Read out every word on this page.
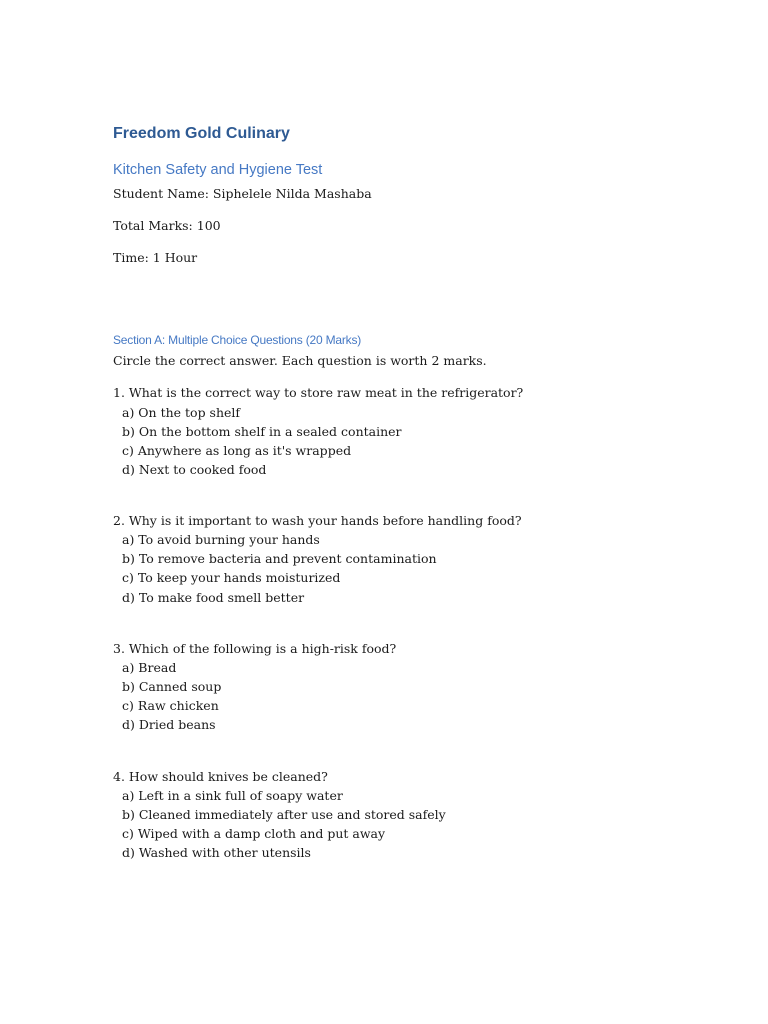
Freedom Gold Culinary
Kitchen Safety and Hygiene Test
Student Name: Siphelele Nilda Mashaba
Total Marks: 100
Time: 1 Hour
Section A: Multiple Choice Questions (20 Marks)
Circle the correct answer. Each question is worth 2 marks.
1. What is the correct way to store raw meat in the refrigerator?
a) On the top shelf
b) On the bottom shelf in a sealed container
c) Anywhere as long as it's wrapped
d) Next to cooked food
2. Why is it important to wash your hands before handling food?
a) To avoid burning your hands
b) To remove bacteria and prevent contamination
c) To keep your hands moisturized
d) To make food smell better
3. Which of the following is a high-risk food?
a) Bread
b) Canned soup
c) Raw chicken
d) Dried beans
4. How should knives be cleaned?
a) Left in a sink full of soapy water
b) Cleaned immediately after use and stored safely
c) Wiped with a damp cloth and put away
d) Washed with other utensils
